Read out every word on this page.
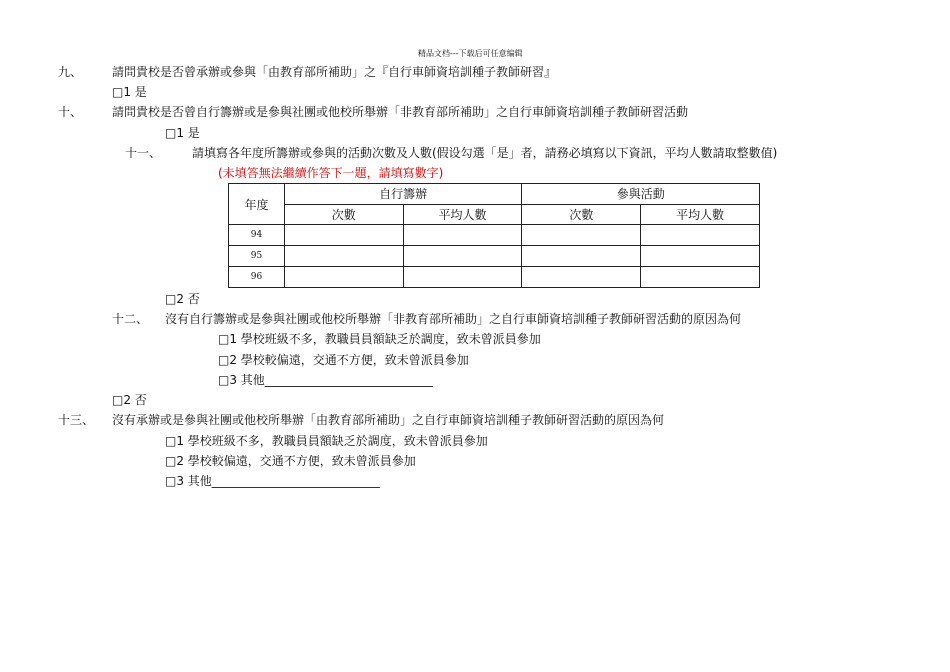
精品文档---下载后可任意编辑
九、 請問貴校是否曾承辦或參與「由教育部所補助」之『自行車師資培訓種子教師研習』
□1 是
十、 請問貴校是否曾自行籌辦或是參與社團或他校所舉辦「非教育部所補助」之自行車師資培訓種子教師研習活動
□1 是
十一、	請填寫各年度所籌辦或參與的活動次數及人數(假设勾選「是」者，請務必填寫以下資訊，平均人數請取整數值)
(未填答無法繼續作答下一題，請填寫數字)
年度	自行籌辦		參與活動	
	次數	平均人數	次數	平均人數
94				
95				
96				
□2 否
十二、 沒有自行籌辦或是參與社團或他校所舉辦「非教育部所補助」之自行車師資培訓種子教師研習活動的原因為何
□1 學校班級不多，教職員員額缺乏於調度，致未曾派員參加
□2 學校較偏遠，交通不方便，致未曾派員參加
□3 其他____________________________
□2 否
十三、 沒有承辦或是參與社團或他校所舉辦「由教育部所補助」之自行車師資培訓種子教師研習活動的原因為何
□1 學校班級不多，教職員員額缺乏於調度，致未曾派員參加
□2 學校較偏遠，交通不方便，致未曾派員參加
□3 其他____________________________
